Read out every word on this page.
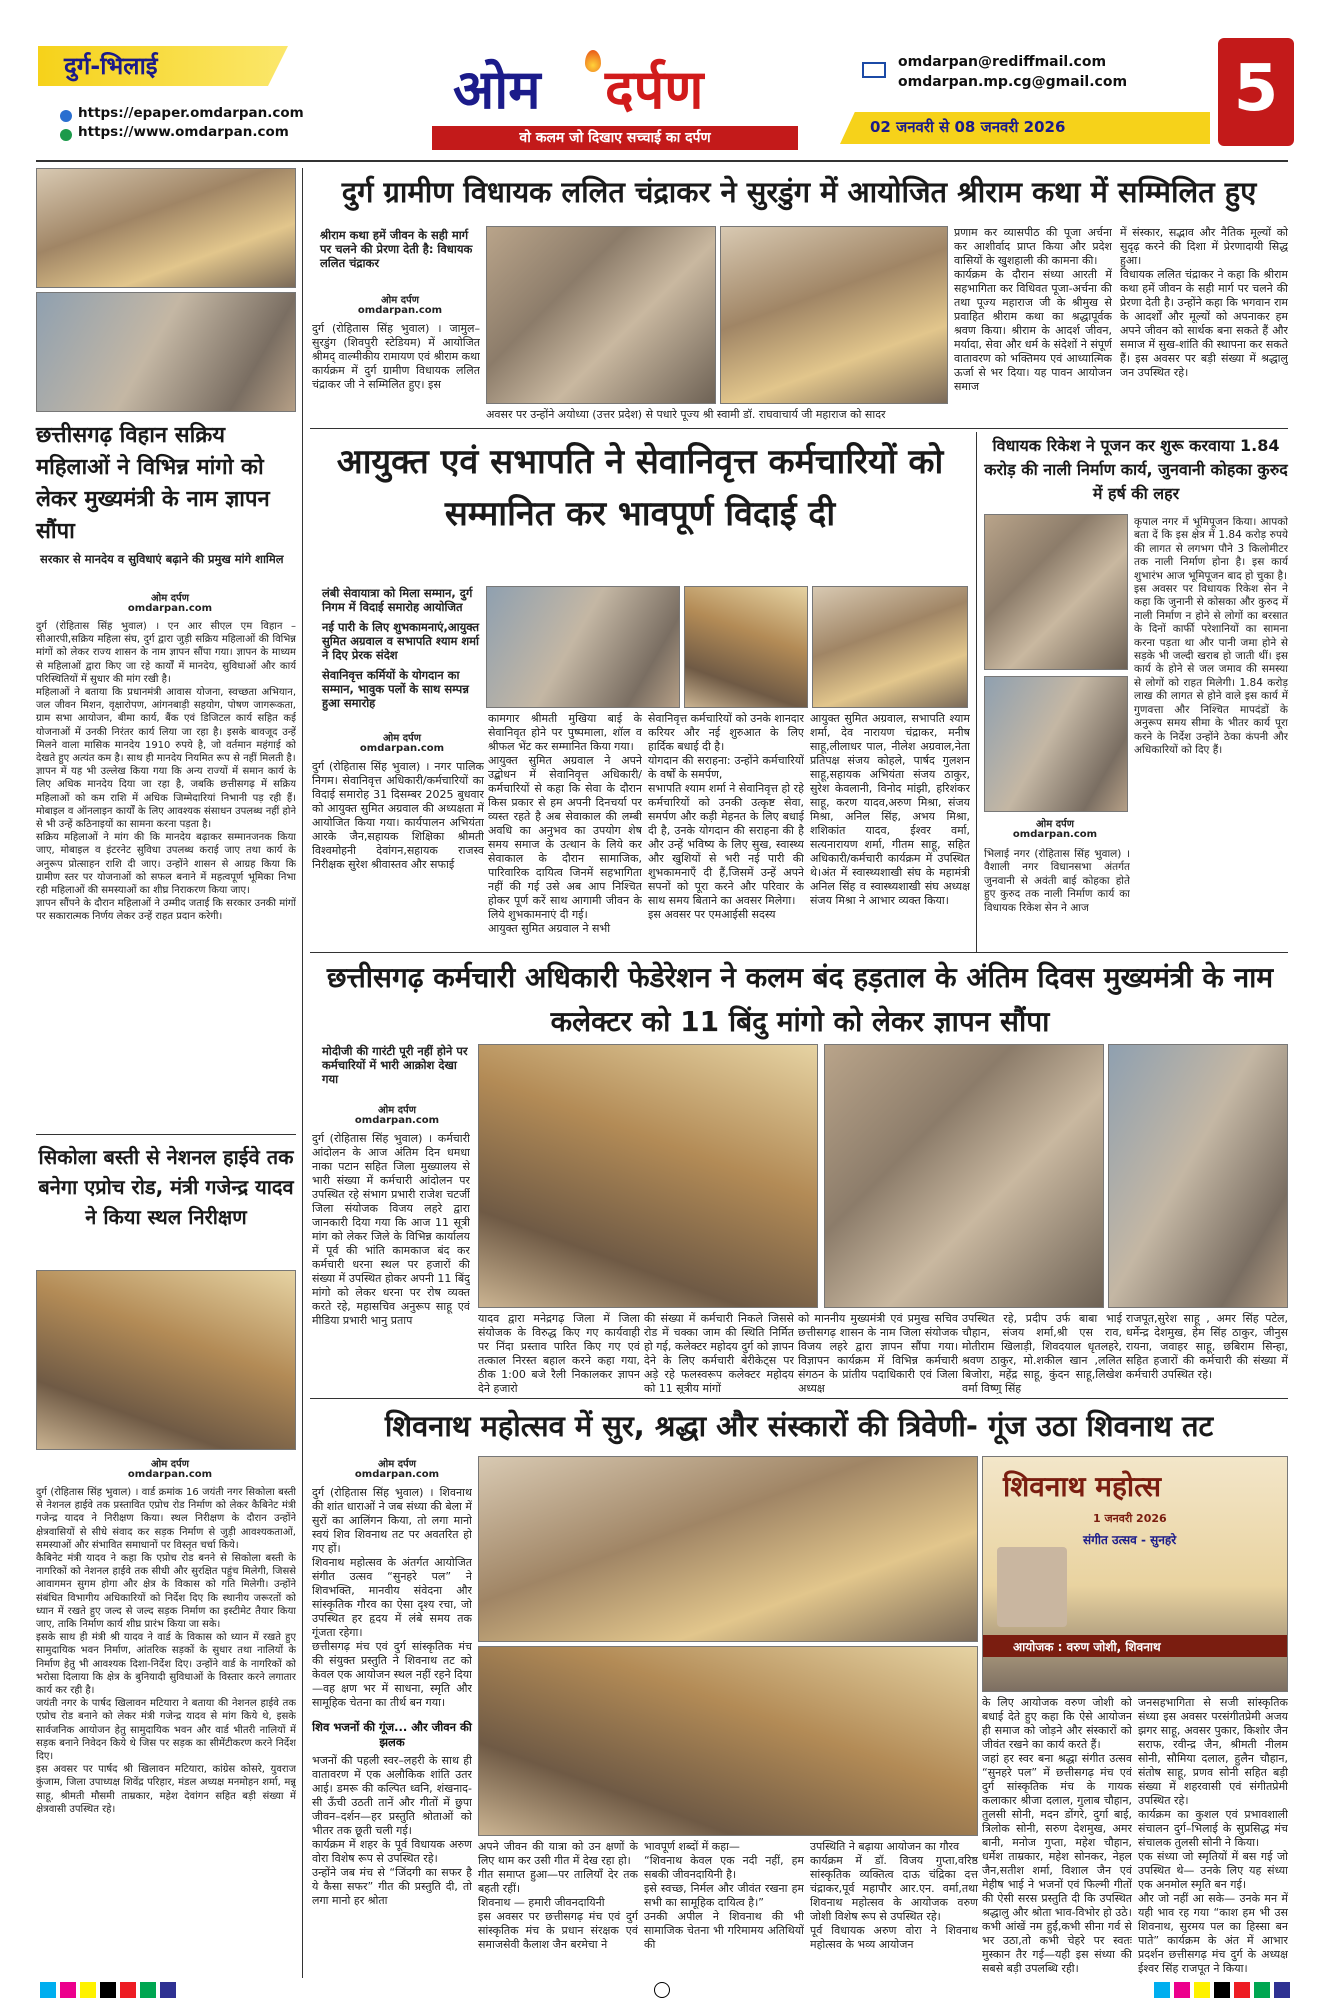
दुर्ग-भिलाई
https://epaper.omdarpan.com
https://www.omdarpan.com
ओम दर्पण
वो कलम जो दिखाए सच्चाई का दर्पण
omdarpan@rediffmail.com
omdarpan.mp.cg@gmail.com
02 जनवरी से 08 जनवरी 2026
5
छत्तीसगढ़ विहान सक्रिय महिलाओं ने विभिन्न मांगो को लेकर मुख्यमंत्री के नाम ज्ञापन सौंपा
सरकार से मानदेय व सुविधाएं बढ़ाने की प्रमुख मांगे शामिल
ओम दर्पण
omdarpan.com
दुर्ग (रोहितास सिंह भुवाल) । एन आर सीएल एम विहान – सीआरपी,सक्रिय महिला संघ, दुर्ग द्वारा जुड़ी सक्रिय महिलाओं की विभिन्न मांगों को लेकर राज्य शासन के नाम ज्ञापन सौंपा गया। ज्ञापन के माध्यम से महिलाओं द्वारा किए जा रहे कार्यों में मानदेय, सुविधाओं और कार्य परिस्थितियों में सुधार की मांग रखी है।
महिलाओं ने बताया कि प्रधानमंत्री आवास योजना, स्वच्छता अभियान, जल जीवन मिशन, वृक्षारोपण, आंगनबाड़ी सहयोग, पोषण जागरूकता, ग्राम सभा आयोजन, बीमा कार्य, बैंक एवं डिजिटल कार्य सहित कई योजनाओं में उनकी निरंतर कार्य लिया जा रहा है। इसके बावजूद उन्हें मिलने वाला मासिक मानदेय 1910 रुपये है, जो वर्तमान महंगाई को देखते हुए अत्यंत कम है। साथ ही मानदेय नियमित रूप से नहीं मिलती है।
ज्ञापन में यह भी उल्लेख किया गया कि अन्य राज्यों में समान कार्य के लिए अधिक मानदेय दिया जा रहा है, जबकि छत्तीसगढ़ में सक्रिय महिलाओं को कम राशि में अधिक जिम्मेदारियां निभानी पड़ रही हैं। मोबाइल व ऑनलाइन कार्यों के लिए आवश्यक संसाधन उपलब्ध नहीं होने से भी उन्हें कठिनाइयों का सामना करना पड़ता है।
सक्रिय महिलाओं ने मांग की कि मानदेय बढ़ाकर सम्मानजनक किया जाए, मोबाइल व इंटरनेट सुविधा उपलब्ध कराई जाए तथा कार्य के अनुरूप प्रोत्साहन राशि दी जाए। उन्होंने शासन से आग्रह किया कि ग्रामीण स्तर पर योजनाओं को सफल बनाने में महत्वपूर्ण भूमिका निभा रही महिलाओं की समस्याओं का शीघ्र निराकरण किया जाए।
ज्ञापन सौंपने के दौरान महिलाओं ने उम्मीद जताई कि सरकार उनकी मांगों पर सकारात्मक निर्णय लेकर उन्हें राहत प्रदान करेगी।
सिकोला बस्ती से नेशनल हाईवे तक बनेगा एप्रोच रोड, मंत्री गजेन्द्र यादव ने किया स्थल निरीक्षण
ओम दर्पण
omdarpan.com
दुर्ग (रोहितास सिंह भुवाल) । वार्ड क्रमांक 16 जयंती नगर सिकोला बस्ती से नेशनल हाईवे तक प्रस्तावित एप्रोच रोड निर्माण को लेकर कैबिनेट मंत्री गजेन्द्र यादव ने निरीक्षण किया। स्थल निरीक्षण के दौरान उन्होंने क्षेत्रवासियों से सीधे संवाद कर सड़क निर्माण से जुड़ी आवश्यकताओं, समस्याओं और संभावित समाधानों पर विस्तृत चर्चा किये।
कैबिनेट मंत्री यादव ने कहा कि एप्रोच रोड बनने से सिकोला बस्ती के नागरिकों को नेशनल हाईवे तक सीधी और सुरक्षित पहुंच मिलेगी, जिससे आवागमन सुगम होगा और क्षेत्र के विकास को गति मिलेगी। उन्होंने संबंधित विभागीय अधिकारियों को निर्देश दिए कि स्थानीय जरूरतों को ध्यान में रखते हुए जल्द से जल्द सड़क निर्माण का इस्टीमेट तैयार किया जाए, ताकि निर्माण कार्य शीघ्र प्रारंभ किया जा सके।
इसके साथ ही मंत्री श्री यादव ने वार्ड के विकास को ध्यान में रखते हुए सामुदायिक भवन निर्माण, आंतरिक सड़कों के सुधार तथा नालियों के निर्माण हेतु भी आवश्यक दिशा-निर्देश दिए। उन्होंने वार्ड के नागरिकों को भरोसा दिलाया कि क्षेत्र के बुनियादी सुविधाओं के विस्तार करने लगातार कार्य कर रही है।
जयंती नगर के पार्षद खिलावन मटियारा ने बताया की नेशनल हाईवे तक एप्रोच रोड बनाने को लेकर मंत्री गजेन्द्र यादव से मांग किये थे, इसके सार्वजनिक आयोजन हेतु सामुदायिक भवन और वार्ड भीतरी नालियों में सड़क बनाने निवेदन किये थे जिस पर सड़क का सीमेंटीकरण करने निर्देश दिए।
इस अवसर पर पार्षद श्री खिलावन मटियारा, कांग्रेस कोसरे, युवराज कुंजाम, जिला उपाध्यक्ष शिवेंद्र परिहार, मंडल अध्यक्ष मनमोहन शर्मा, मन्नू साहू, श्रीमती मौसमी ताम्रकार, महेश देवांगन सहित बड़ी संख्या में क्षेत्रवासी उपस्थित रहे।
दुर्ग ग्रामीण विधायक ललित चंद्राकर ने सुरडुंग में आयोजित श्रीराम कथा में सम्मिलित हुए
श्रीराम कथा हमें जीवन के सही मार्ग पर चलने की प्रेरणा देती है: विधायक ललित चंद्राकर
ओम दर्पण
omdarpan.com
दुर्ग (रोहितास सिंह भुवाल) । जामुल–सुरडुंग (शिवपुरी स्टेडियम) में आयोजित श्रीमद् वाल्मीकीय रामायण एवं श्रीराम कथा कार्यक्रम में दुर्ग ग्रामीण विधायक ललित चंद्राकर जी ने सम्मिलित हुए। इस
अवसर पर उन्होंने अयोध्या (उत्तर प्रदेश) से पधारे पूज्य श्री स्वामी डॉ. राघवाचार्य जी महाराज को सादर
प्रणाम कर व्यासपीठ की पूजा अर्चना कर आशीर्वाद प्राप्त किया और प्रदेश वासियों के खुशहाली की कामना की।
कार्यक्रम के दौरान संध्या आरती में सहभागिता कर विधिवत पूजा-अर्चना की तथा पूज्य महाराज जी के श्रीमुख से प्रवाहित श्रीराम कथा का श्रद्धापूर्वक श्रवण किया। श्रीराम के आदर्श जीवन, मर्यादा, सेवा और धर्म के संदेशों ने संपूर्ण वातावरण को भक्तिमय एवं आध्यात्मिक ऊर्जा से भर दिया। यह पावन आयोजन समाज
में संस्कार, सद्भाव और नैतिक मूल्यों को सुदृढ़ करने की दिशा में प्रेरणादायी सिद्ध हुआ।
विधायक ललित चंद्राकर ने कहा कि श्रीराम कथा हमें जीवन के सही मार्ग पर चलने की प्रेरणा देती है। उन्होंने कहा कि भगवान राम के आदर्शों और मूल्यों को अपनाकर हम अपने जीवन को सार्थक बना सकते हैं और समाज में सुख-शांति की स्थापना कर सकते हैं। इस अवसर पर बड़ी संख्या में श्रद्धालु जन उपस्थित रहे।
आयुक्त एवं सभापति ने सेवानिवृत्त कर्मचारियों को सम्मानित कर भावपूर्ण विदाई दी
लंबी सेवायात्रा को मिला सम्मान, दुर्ग निगम में विदाई समारोह आयोजित
नई पारी के लिए शुभकामनाएं,आयुक्त सुमित अग्रवाल व सभापति श्याम शर्मा ने दिए प्रेरक संदेश
सेवानिवृत्त कर्मियों के योगदान का सम्मान, भावुक पलों के साथ सम्पन्न हुआ समारोह
ओम दर्पण
omdarpan.com
दुर्ग (रोहितास सिंह भुवाल) । नगर पालिक निगम। सेवानिवृत्त अधिकारी/कर्मचारियों का विदाई समारोह 31 दिसम्बर 2025 बुधवार को आयुक्त सुमित अग्रवाल की अध्यक्षता में आयोजित किया गया। कार्यपालन अभियंता आरके जैन,सहायक शिक्षिका श्रीमती विश्वमोहनी देवांगन,सहायक राजस्व निरीक्षक सुरेश श्रीवास्तव और सफाई
कामगार श्रीमती मुखिया बाई के सेवानिवृत होने पर पुष्पमाला, शॉल व श्रीफल भेंट कर सम्मानित किया गया।
आयुक्त सुमित अग्रवाल ने अपने उद्बोधन में सेवानिवृत्त अधिकारी/कर्मचारियों से कहा कि सेवा के दौरान किस प्रकार से हम अपनी दिनचर्या पर व्यस्त रहते है अब सेवाकाल की लम्बी अवधि का अनुभव का उपयोग शेष समय समाज के उत्थान के लिये कर सेवाकाल के दौरान सामाजिक, पारिवारिक दायित्व जिनमें सहभागिता नहीं की गई उसे अब आप निश्चित होकर पूर्ण करें साथ आगामी जीवन के लिये शुभकामनाएं दी गई।
आयुक्त सुमित अग्रवाल ने सभी
सेवानिवृत्त कर्मचारियों को उनके शानदार करियर और नई शुरुआत के लिए हार्दिक बधाई दी है।
योगदान की सराहना: उन्होंने कर्मचारियों के वर्षों के समर्पण,
सभापति श्याम शर्मा ने सेवानिवृत्त हो रहे कर्मचारियों को उनकी उत्कृष्ट सेवा, समर्पण और कड़ी मेहनत के लिए बधाई दी है, उनके योगदान की सराहना की है और उन्हें भविष्य के लिए सुख, स्वास्थ्य और खुशियों से भरी नई पारी की शुभकामनाएँ दी हैं,जिसमें उन्हें अपने सपनों को पूरा करने और परिवार के साथ समय बिताने का अवसर मिलेगा।
इस अवसर पर एमआईसी सदस्य
आयुक्त सुमित अग्रवाल, सभापति श्याम शर्मा, देव नारायण चंद्राकर, मनीष साहू,लीलाधर पाल, नीलेश अग्रवाल,नेता प्रतिपक्ष संजय कोहले, पार्षद गुलशन साहू,सहायक अभियंता संजय ठाकुर, सुरेश केवलानी, विनोद मांझी, हरिशंकर साहू, करण यादव,अरुण मिश्रा, संजय मिश्रा, अनिल सिंह, अभय मिश्रा, शशिकांत यादव, ईश्वर वर्मा, सत्यनारायण शर्मा, गीतम साहू, सहित अधिकारी/कर्मचारी कार्यक्रम में उपस्थित थे।अंत में स्वास्थ्यशाखी संघ के महामंत्री अनिल सिंह व स्वास्थ्यशाखी संघ अध्यक्ष संजय मिश्रा ने आभार व्यक्त किया।
विधायक रिकेश ने पूजन कर शुरू करवाया 1.84 करोड़ की नाली निर्माण कार्य, जुनवानी कोहका कुरुद में हर्ष की लहर
ओम दर्पण
omdarpan.com
कृपाल नगर में भूमिपूजन किया। आपको बता दें कि इस क्षेत्र में 1.84 करोड़ रुपये की लागत से लगभग पौने 3 किलोमीटर तक नाली निर्माण होना है। इस कार्य शुभारंभ आज भूमिपूजन बाद हो चुका है।
इस अवसर पर विधायक रिकेश सेन ने कहा कि जुनानी से कोसका और कुरुद में नाली निर्माण न होने से लोगों का बरसात के दिनों कार्फी परेशानियों का सामना करना पड़ता था और पानी जमा होने से सड़के भी जल्दी खराब हो जाती थीं। इस कार्य के होने से जल जमाव की समस्या से लोगों को राहत मिलेगी। 1.84 करोड़ लाख की लागत से होने वाले इस कार्य में गुणवत्ता और निश्चित मापदंडों के अनुरूप समय सीमा के भीतर कार्य पूरा करने के निर्देश उन्होंने ठेका कंपनी और अधिकारियों को दिए हैं।
भिलाई नगर (रोहितास सिंह भुवाल) । वैशाली नगर विधानसभा अंतर्गत जुनवानी से अवंती बाई कोहका होते हुए कुरुद तक नाली निर्माण कार्य का विधायक रिकेश सेन ने आज
छत्तीसगढ़ कर्मचारी अधिकारी फेडेरेशन ने कलम बंद हड़ताल के अंतिम दिवस मुख्यमंत्री के नाम कलेक्टर को 11 बिंदु मांगो को लेकर ज्ञापन सौंपा
मोदीजी की गारंटी पूरी नहीं होने पर कर्मचारियों में भारी आक्रोश देखा गया
ओम दर्पण
omdarpan.com
दुर्ग (रोहितास सिंह भुवाल) । कर्मचारी आंदोलन के आज अंतिम दिन धमधा नाका पटान सहित जिला मुख्यालय से भारी संख्या में कर्मचारी आंदोलन पर उपस्थित रहे संभाग प्रभारी राजेश चटर्जी जिला संयोजक विजय लहरे द्वारा जानकारी दिया गया कि आज 11 सूत्री मांग को लेकर जिले के विभिन्न कार्यालय में पूर्व की भांति कामकाज बंद कर कर्मचारी धरना स्थल पर हजारों की संख्या में उपस्थित होकर अपनी 11 बिंदु मांगो को लेकर धरना पर रोष व्यक्त करते रहे, महासचिव अनुरूप साहू एवं मीडिया प्रभारी भानु प्रताप	यादव द्वारा मनेद्रगढ़ जिला में जिला संयोजक के विरुद्ध किए गए कार्यवाही पर निंदा प्रस्ताव पारित किए गए एवं तत्काल निरस्त बहाल करने कहा गया, ठीक 1:00 बजे रैली निकालकर ज्ञापन देने हजारो
की संख्या में कर्मचारी निकले जिससे रोड में चक्का जाम की स्थिति निर्मित हो गई, कलेक्टर महोदय दुर्ग को ज्ञापन देने के लिए कर्मचारी बेरीकेट्स पर अड़े रहे फलस्वरूप कलेक्टर महोदय को 11 सूत्रीय मांगों
को माननीय मुख्यमंत्री एवं प्रमुख सचिव छत्तीसगढ़ शासन के नाम जिला संयोजक विजय लहरे द्वारा ज्ञापन सौंपा गया। विज्ञापन कार्यक्रम में विभिन्न कर्मचारी संगठन के प्रांतीय पदाधिकारी एवं जिला अध्यक्ष
उपस्थित रहे, प्रदीप उर्फ बाबा भाई चौहान, संजय शर्मा,श्री एस राव, मोतीराम खिलाड़ी, शिवदयाल धृतलहरे, श्रवण ठाकुर, मो.शकील खान ,ललित बिजोरा, महेंद्र साहू, कुंदन साहू,लिखेश वर्मा विष्णु सिंह
राजपूत,सुरेश साहू , अमर सिंह पटेल, धर्मेन्द्र देशमुख, हेम सिंह ठाकुर, जीनुस रायना, जवाहर साहू, छबिराम सिन्हा, सहित हजारों की कर्मचारी की संख्या में कर्मचारी उपस्थित रहे।
शिवनाथ महोत्सव में सुर, श्रद्धा और संस्कारों की त्रिवेणी- गूंज उठा शिवनाथ तट
ओम दर्पण
omdarpan.com
दुर्ग (रोहितास सिंह भुवाल) । शिवनाथ की शांत धाराओं ने जब संध्या की बेला में सुरों का आलिंगन किया, तो लगा मानो स्वयं शिव शिवनाथ तट पर अवतरित हो गए हों।
शिवनाथ महोत्सव के अंतर्गत आयोजित संगीत उत्सव “सुनहरे पल” ने शिवभक्ति, मानवीय संवेदना और सांस्कृतिक गौरव का ऐसा दृश्य रचा, जो उपस्थित हर हृदय में लंबे समय तक गूंजता रहेगा।
छत्तीसगढ़ मंच एवं दुर्ग सांस्कृतिक मंच की संयुक्त प्रस्तुति ने शिवनाथ तट को केवल एक आयोजन स्थल नहीं रहने दिया—वह क्षण भर में साधना, स्मृति और सामूहिक चेतना का तीर्थ बन गया।
शिव भजनों की गूंज... और जीवन की झलक
भजनों की पहली स्वर–लहरी के साथ ही वातावरण में एक अलौकिक शांति उतर आई। डमरू की कल्पित ध्वनि, शंखनाद-सी ऊँची उठती तानें और गीतों में छुपा जीवन–दर्शन—हर प्रस्तुति श्रोताओं को भीतर तक छूती चली गई।
कार्यक्रम में शहर के पूर्व विधायक अरुण वोरा विशेष रूप से उपस्थित रहे।
उन्होंने जब मंच से “जिंदगी का सफर है ये कैसा सफर” गीत की प्रस्तुति दी, तो लगा मानो हर श्रोता
शिवनाथ महोत्स
1 जनवरी 2026
संगीत उत्सव - सुनहरे
आयोजक : वरुण जोशी, शिवनाथ
अपने जीवन की यात्रा को उन क्षणों के लिए थाम कर उसी गीत में देख रहा हो।
गीत समाप्त हुआ—पर तालियाँ देर तक बहती रहीं।
शिवनाथ — हमारी जीवनदायिनी
इस अवसर पर छत्तीसगढ़ मंच एवं दुर्ग सांस्कृतिक मंच के प्रधान संरक्षक एवं समाजसेवी कैलाश जैन बरमेचा ने
भावपूर्ण शब्दों में कहा—
“शिवनाथ केवल एक नदी नहीं, हम सबकी जीवनदायिनी है।
इसे स्वच्छ, निर्मल और जीवंत रखना हम सभी का सामूहिक दायित्व है।”
उनकी अपील ने शिवनाथ की भी सामाजिक चेतना भी गरिमामय अतिथियों की
उपस्थिति ने बढ़ाया आयोजन का गौरव
कार्यक्रम में डॉ. विजय गुप्ता,वरिष्ठ सांस्कृतिक व्यक्तित्व दाऊ चंद्रिका दत्त चंद्राकर,पूर्व महापौर आर.एन. वर्मा,तथा शिवनाथ महोत्सव के आयोजक वरुण जोशी विशेष रूप से उपस्थित रहे।
पूर्व विधायक अरुण वोरा ने शिवनाथ महोत्सव के भव्य आयोजन
के लिए आयोजक वरुण जोशी को बधाई देते हुए कहा कि ऐसे आयोजन ही समाज को जोड़ने और संस्कारों को जीवंत रखने का कार्य करते हैं।
जहां हर स्वर बना श्रद्धा संगीत उत्सव “सुनहरे पल” में छत्तीसगढ़ मंच एवं दुर्ग सांस्कृतिक मंच के गायक कलाकार श्रीजा दलाल, गुलाब चौहान, तुलसी सोनी, मदन डोंगरे, दुर्गा बाई, त्रिलोक सोनी, सरुण देशमुख, अमर बानी, मनोज गुप्ता, महेश चौहान, धर्मेश ताम्रकार, महेश सोनकर, नेहल जैन,सतीश शर्मा, विशाल जैन एवं मेहीष भाई ने भजनों एवं फिल्मी गीतों की ऐसी सरस प्रस्तुति दी कि उपस्थित श्रद्धालु और श्रोता भाव-विभोर हो उठे।
कभी आंखें नम हुईं,कभी सीना गर्व से भर उठा,तो कभी चेहरे पर स्वतः मुस्कान तैर गई—यही इस संध्या की सबसे बड़ी उपलब्धि रही।
जनसहभागिता से सजी सांस्कृतिक संध्या इस अवसर परसंगीतप्रेमी अजय झगर साहू, अवसर पुकार, किशोर जैन सराफ, रवीन्द्र जैन, श्रीमती नीलम सोनी, सौमिया दलाल, हुलैन चौहान, संतोष साहू, प्रणव सोनी सहित बड़ी संख्या में शहरवासी एवं संगीतप्रेमी उपस्थित रहे।
कार्यक्रम का कुशल एवं प्रभावशाली संचालन दुर्ग–भिलाई के सुप्रसिद्ध मंच संचालक तुलसी सोनी ने किया।
एक संध्या जो स्मृतियों में बस गई जो उपस्थित थे— उनके लिए यह संध्या एक अनमोल स्मृति बन गई।
और जो नहीं आ सके— उनके मन में यही भाव रह गया “काश हम भी उस शिवनाथ, सुरमय पल का हिस्सा बन पाते” कार्यक्रम के अंत में आभार प्रदर्शन छत्तीसगढ़ मंच दुर्ग के अध्यक्ष ईश्वर सिंह राजपूत ने किया।
